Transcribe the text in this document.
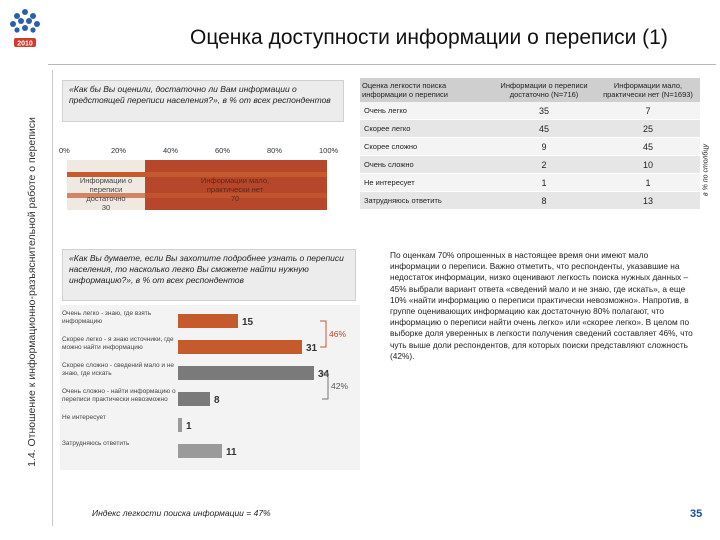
2010	Оценка доступности информации о переписи (1)
1.4. Отношение к информационно-разъяснительной работе о переписи
«Как бы Вы оценили, достаточно ли Вам информации о предстоящей переписи населения?», в % от всех респондентов
0%	20%	40%	60%	80%	100%
Информации о переписи достаточно
30
Информации мало, практически нет
70
Оценка легкости поиска информации о переписи	Информации о переписи достаточно (N=716)	Информации мало, практически нет (N=1693)
Очень легко	35	7
Скорее легко	45	25
Скорее сложно	9	45
Очень сложно	2	10
Не интересует	1	1
Затрудняюсь ответить	8	13
в % по столбцу
«Как Вы думаете, если Вы захотите подробнее узнать о переписи населения, то насколько легко Вы сможете найти нужную информацию?», в % от всех респондентов
Очень легко - знаю, где взять информацию	15
Скорее легко - я знаю источники, где можно найти информацию	31
Скорее сложно - сведений мало и не знаю, где искать	34
Очень сложно - найти информацию о переписи практически невозможно	8
Не интересует
1
Затрудняюсь ответить
11
46%
42%
По оценкам 70% опрошенных в настоящее время они имеют мало информации о переписи. Важно отметить, что респонденты, указавшие на недостаток информации, низко оценивают легкость поиска нужных данных – 45% выбрали вариант ответа «сведений мало и не знаю, где искать», а еще 10% «найти информацию о переписи практически невозможно». Напротив, в группе оценивающих информацию как достаточную 80% полагают, что информацию о переписи найти очень легко» или «скорее легко». В целом по выборке доля уверенных в легкости получения сведений составляет 46%, что чуть выше доли респондентов, для которых поиски представляют сложность (42%).
Индекс легкости поиска информации = 47%	35
